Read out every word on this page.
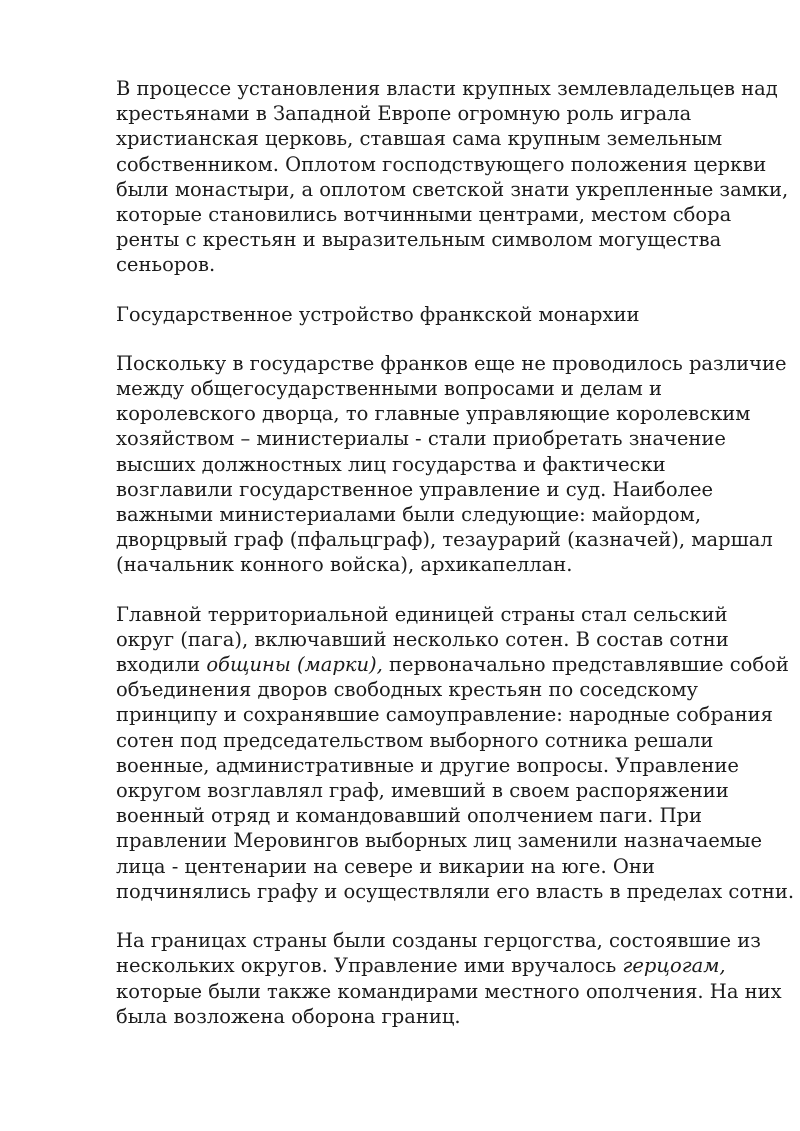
В процессе установления власти крупных землевладельцев над
крестьянами в Западной Европе огромную роль играла
христианская церковь, ставшая сама крупным земельным
собственником. Оплотом господствующего положения церкви
были монастыри, а оплотом светской знати укрепленные замки,
которые становились вотчинными центрами, местом сбора
ренты с крестьян и выразительным символом могущества
сеньоров.

Государственное устройство франкской монархии

Поскольку в государстве франков еще не проводилось различие
между общегосударственными вопросами и делам и
королевского дворца, то главные управляющие королевским
хозяйством – министериалы - стали приобретать значение
высших должностных лиц государства и фактически
возглавили государственное управление и суд. Наиболее
важными министериалами были следующие: майордом,
дворцрвый граф (пфальцграф), тезаурарий (казначей), маршал
(начальник конного войска), архикапеллан.

Главной территориальной единицей страны стал сельский
округ (пага), включавший несколько сотен. В состав сотни
входили общины (марки), первоначально представлявшие собой
объединения дворов свободных крестьян по соседскому
принципу и сохранявшие самоуправление: народные собрания
сотен под председательством выборного сотника решали
военные, административные и другие вопросы. Управление
округом возглавлял граф, имевший в своем распоряжении
военный отряд и командовавший ополчением паги. При
правлении Меровингов выборных лиц заменили назначаемые
лица - центенарии на севере и викарии на юге. Они
подчинялись графу и осуществляли его власть в пределах сотни.

На границах страны были созданы герцогства, состоявшие из
нескольких округов. Управление ими вручалось герцогам,
которые были также командирами местного ополчения. На них
была возложена оборона границ.
